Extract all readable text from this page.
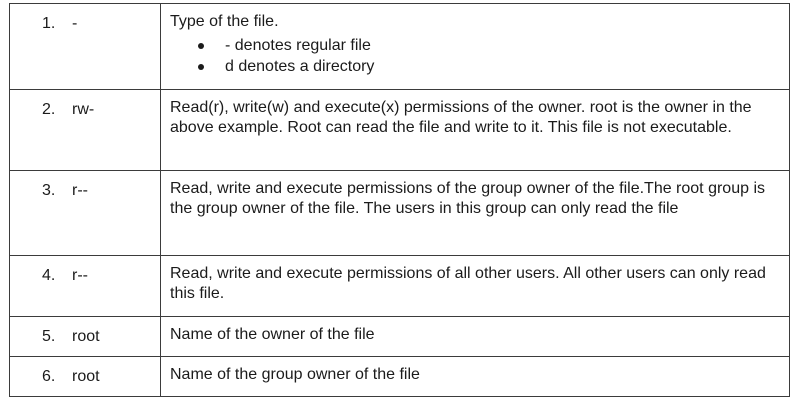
1. -	Type of the file.
- denotes regular file
d denotes a directory
2. rw-	Read(r), write(w) and execute(x) permissions of the owner. root is the owner in the above example. Root can read the file and write to it. This file is not executable.
3. r--	Read, write and execute permissions of the group owner of the file.The root group is the group owner of the file. The users in this group can only read the file
4. r--	Read, write and execute permissions of all other users. All other users can only read this file.
5. root	Name of the owner of the file
6. root	Name of the group owner of the file
